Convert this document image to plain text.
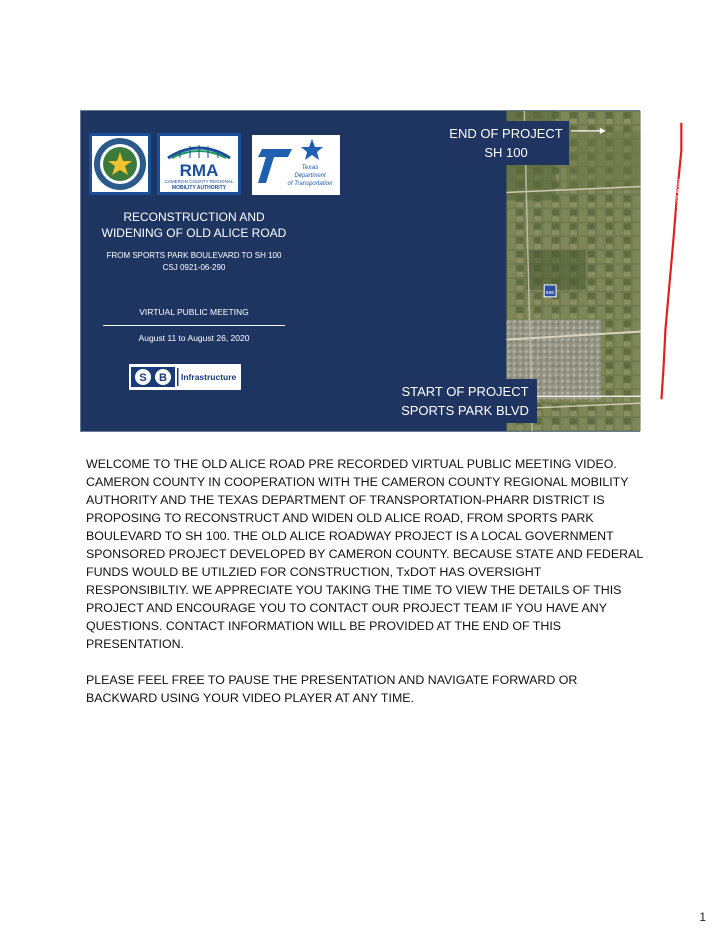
RMA
CAMERON COUNTY REGIONAL
MOBILITY AUTHORITY
Texas
Department
of Transportation
RECONSTRUCTION AND
WIDENING OF OLD ALICE ROAD
FROM SPORTS PARK BOULEVARD TO SH 100
CSJ 0921-06-290
VIRTUAL PUBLIC MEETING
August 11 to August 26, 2020
S B Infrastructure
69E
OLD ALICE ROAD
OLD ALICE ROAD
END OF PROJECT
SH 100
START OF PROJECT
SPORTS PARK BLVD

WELCOME TO THE OLD ALICE ROAD PRE RECORDED VIRTUAL PUBLIC MEETING VIDEO. CAMERON COUNTY IN COOPERATION WITH THE CAMERON COUNTY REGIONAL MOBILITY AUTHORITY AND THE TEXAS DEPARTMENT OF TRANSPORTATION-PHARR DISTRICT IS PROPOSING TO RECONSTRUCT AND WIDEN OLD ALICE ROAD, FROM SPORTS PARK BOULEVARD TO SH 100. THE OLD ALICE ROADWAY PROJECT IS A LOCAL GOVERNMENT SPONSORED PROJECT DEVELOPED BY CAMERON COUNTY. BECAUSE STATE AND FEDERAL FUNDS WOULD BE UTILZIED FOR CONSTRUCTION, TxDOT HAS OVERSIGHT RESPONSIBILTIY. WE APPRECIATE YOU TAKING THE TIME TO VIEW THE DETAILS OF THIS PROJECT AND ENCOURAGE YOU TO CONTACT OUR PROJECT TEAM IF YOU HAVE ANY QUESTIONS. CONTACT INFORMATION WILL BE PROVIDED AT THE END OF THIS PRESENTATION.

PLEASE FEEL FREE TO PAUSE THE PRESENTATION AND NAVIGATE FORWARD OR BACKWARD USING YOUR VIDEO PLAYER AT ANY TIME.

1
